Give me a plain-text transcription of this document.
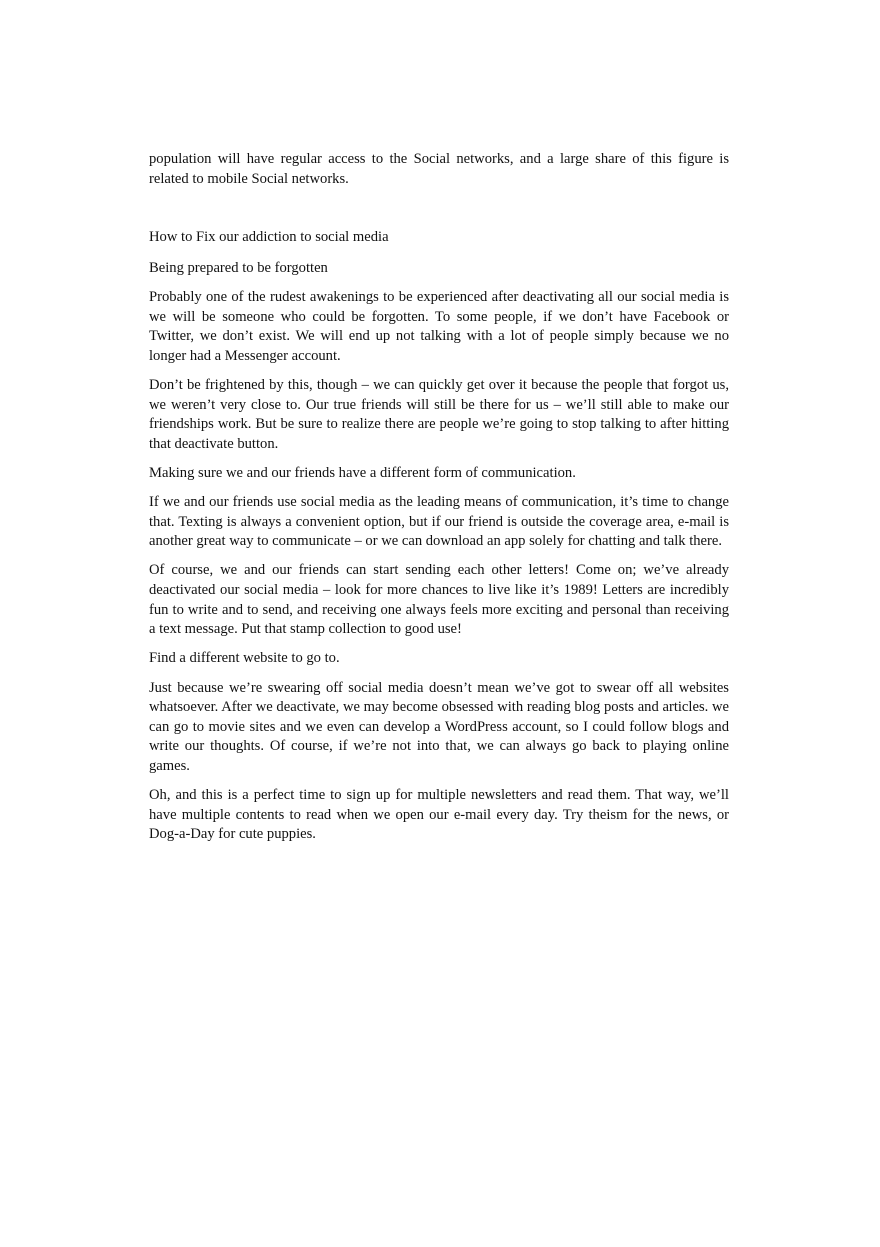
population will have regular access to the Social networks, and a large share of this figure is related to mobile Social networks.

How to Fix our addiction to social media

Being prepared to be forgotten

Probably one of the rudest awakenings to be experienced after deactivating all our social media is we will be someone who could be forgotten. To some people, if we don’t have Facebook or Twitter, we don’t exist. We will end up not talking with a lot of people simply because we no longer had a Messenger account.

Don’t be frightened by this, though – we can quickly get over it because the people that forgot us, we weren’t very close to. Our true friends will still be there for us – we’ll still able to make our friendships work. But be sure to realize there are people we’re going to stop talking to after hitting that deactivate button.

Making sure we and our friends have a different form of communication.

If we and our friends use social media as the leading means of communication, it’s time to change that. Texting is always a convenient option, but if our friend is outside the coverage area, e-mail is another great way to communicate – or we can download an app solely for chatting and talk there.

Of course, we and our friends can start sending each other letters! Come on; we’ve already deactivated our social media – look for more chances to live like it’s 1989! Letters are incredibly fun to write and to send, and receiving one always feels more exciting and personal than receiving a text message. Put that stamp collection to good use!

Find a different website to go to.

Just because we’re swearing off social media doesn’t mean we’ve got to swear off all websites whatsoever. After we deactivate, we may become obsessed with reading blog posts and articles. we can go to movie sites and we even can develop a WordPress account, so I could follow blogs and write our thoughts. Of course, if we’re not into that, we can always go back to playing online games.

Oh, and this is a perfect time to sign up for multiple newsletters and read them. That way, we’ll have multiple contents to read when we open our e-mail every day. Try theism for the news, or Dog-a-Day for cute puppies.
